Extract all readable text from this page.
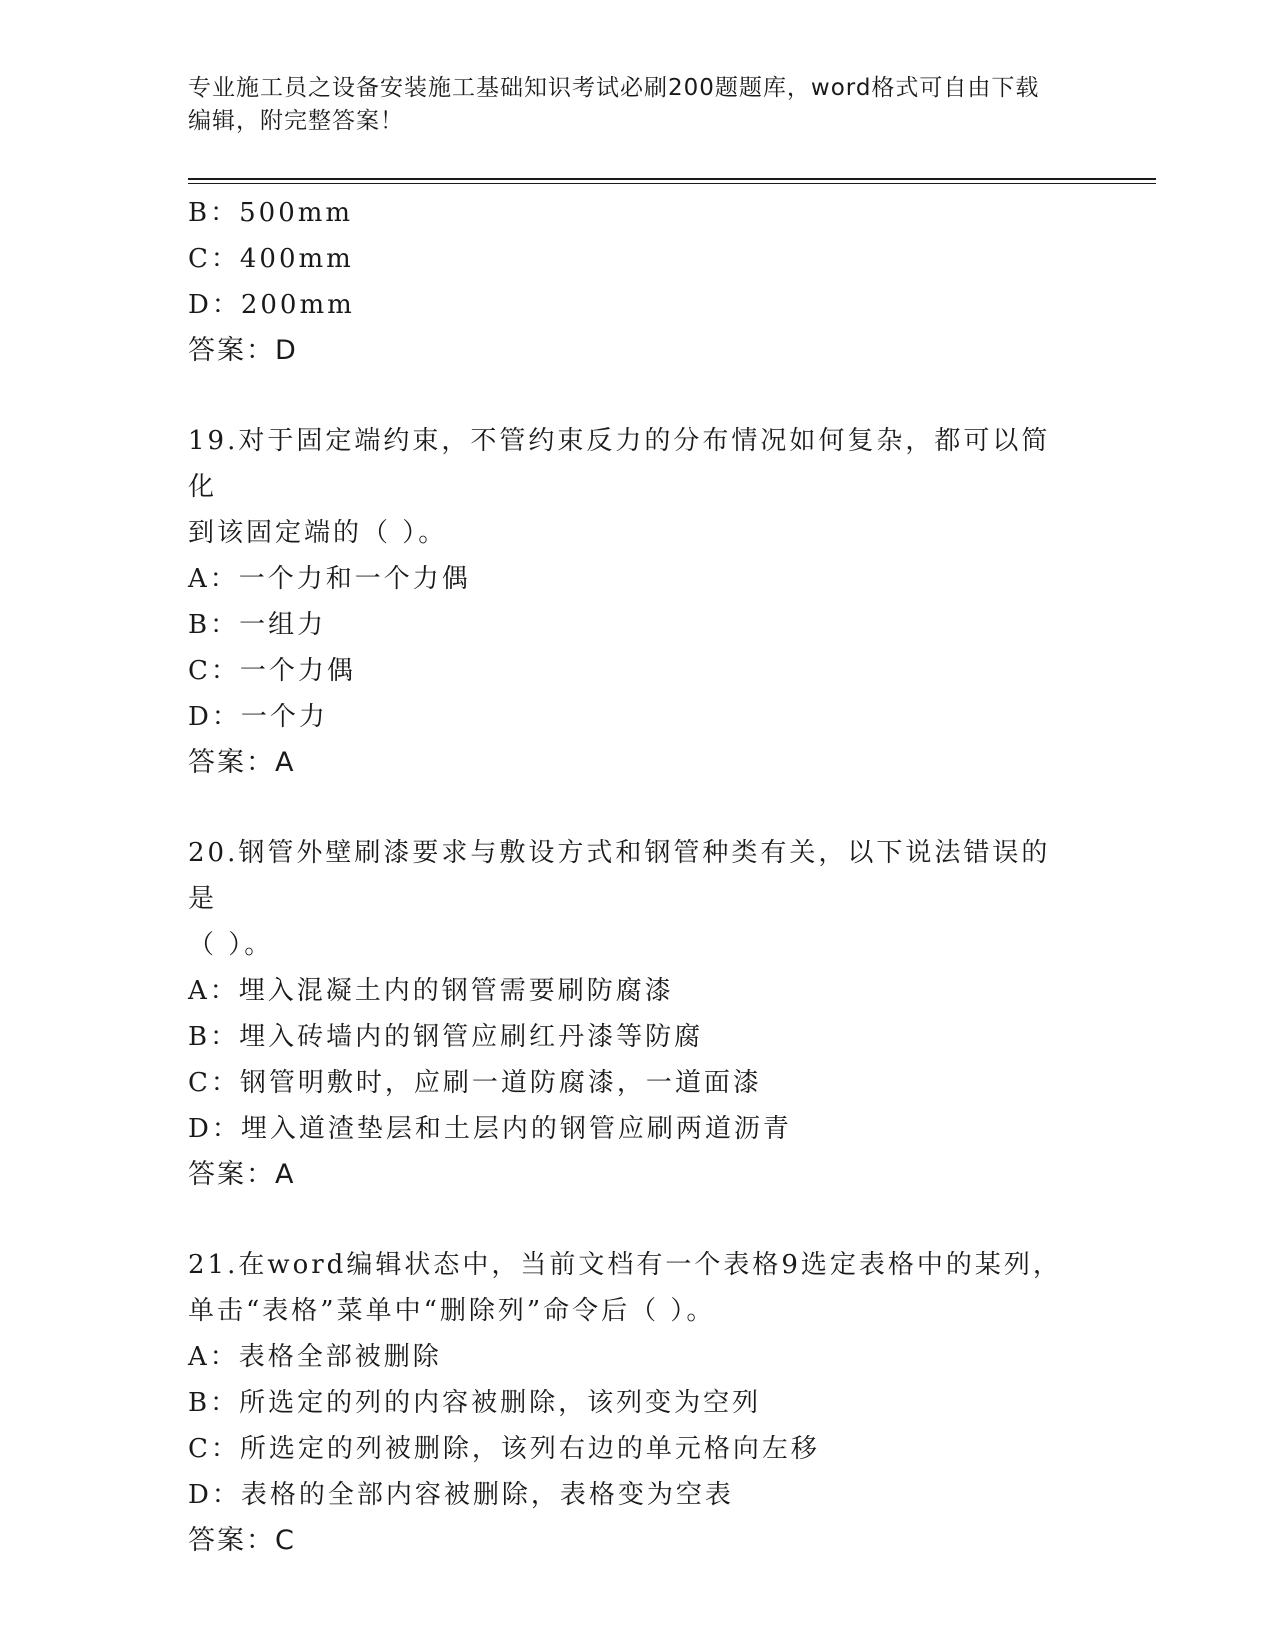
专业施工员之设备安装施工基础知识考试必刷200题题库，word格式可自由下载
编辑，附完整答案！
B：500mm
C：400mm
D：200mm
答案：D
19.对于固定端约束，不管约束反力的分布情况如何复杂，都可以简化
到该固定端的（ ）。
A：一个力和一个力偶
B：一组力
C：一个力偶
D：一个力
答案：A
20.钢管外壁刷漆要求与敷设方式和钢管种类有关，以下说法错误的是
（ ）。
A：埋入混凝土内的钢管需要刷防腐漆
B：埋入砖墙内的钢管应刷红丹漆等防腐
C：钢管明敷时，应刷一道防腐漆，一道面漆
D：埋入道渣垫层和土层内的钢管应刷两道沥青
答案：A
21.在word编辑状态中，当前文档有一个表格9选定表格中的某列，
单击“表格”菜单中“删除列”命令后（ ）。
A：表格全部被删除
B：所选定的列的内容被删除，该列变为空列
C：所选定的列被删除，该列右边的单元格向左移
D：表格的全部内容被删除，表格变为空表
答案：C
